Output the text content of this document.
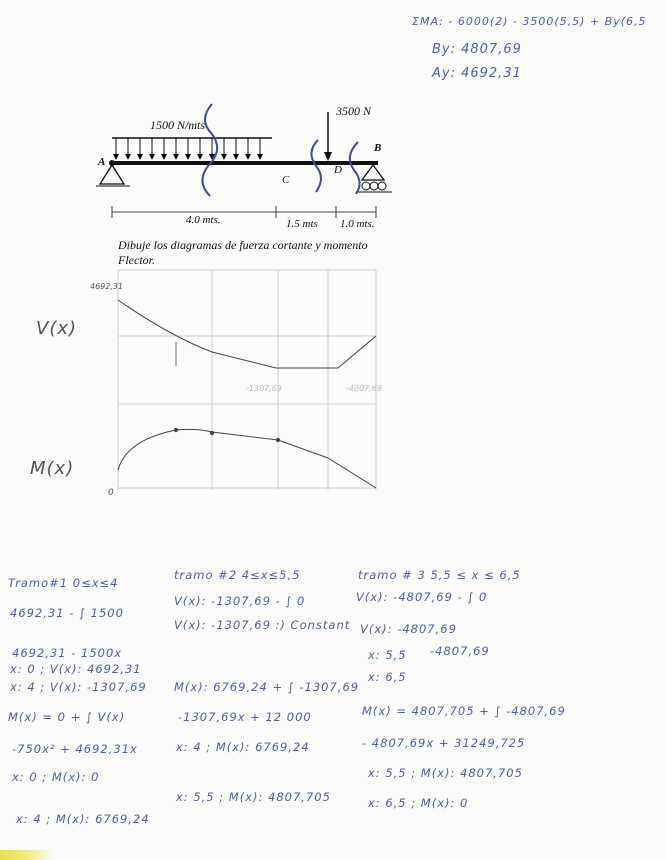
ΣMA: - 6000(2) - 3500(5,5) + By(6,5
By: 4807,69
Ay: 4692,31
1500 N/mts
3500 N
A
B
C
D
4.0 mts.	1.5 mts 1.0 mts.
Dibuje los diagramas de fuerza cortante y momento
Flector.
4692,31
V(x)
-1307,69	-4807,69
M(x)
0
Tramo#1 0≤x≤4
4692,31 - ∫ 1500
4692,31 - 1500x
x: 0 ; V(x): 4692,31
x: 4 ; V(x): -1307,69
M(x) = 0 + ∫ V(x)
-750x² + 4692,31x
x: 0 ; M(x): 0
x: 4 ; M(x): 6769,24
tramo #2 4≤x≤5,5
V(x): -1307,69 - ∫ 0
V(x): -1307,69 :) Constant
M(x): 6769,24 + ∫ -1307,69
-1307,69x + 12 000
x: 4 ; M(x): 6769,24
x: 5,5 ; M(x): 4807,705
tramo # 3 5,5 ≤ x ≤ 6,5
V(x): -4807,69 - ∫ 0
V(x): -4807,69
x: 5,5 -4807,69
x: 6,5
M(x) = 4807,705 + ∫ -4807,69
- 4807,69x + 31249,725
x: 5,5 ; M(x): 4807,705
x: 6,5 ; M(x): 0
